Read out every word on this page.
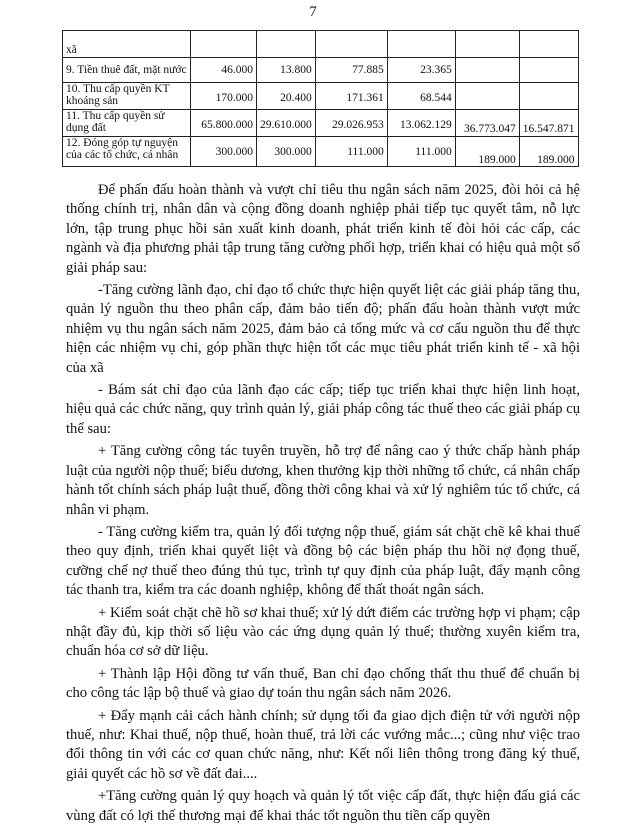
7
xã						
9. Tiền thuê đất, mặt nước	46.000	13.800	77.885	23.365		
10. Thu cấp quyền KT khoáng sản	170.000	20.400	171.361	68.544		
11. Thu cấp quyền sử dụng đất	65.800.000	29.610.000	29.026.953	13.062.129	36.773.047	16.547.871
12. Đóng góp tự nguyện của các tổ chức, cá nhân	300.000	300.000	111.000	111.000	189.000	189.000

Để phấn đấu hoàn thành và vượt chỉ tiêu thu ngân sách năm 2025, đòi hỏi cả hệ thống chính trị, nhân dân và cộng đồng doanh nghiệp phải tiếp tục quyết tâm, nỗ lực lớn, tập trung phục hồi sản xuất kinh doanh, phát triển kinh tế đòi hỏi các cấp, các ngành và địa phương phải tập trung tăng cường phối hợp, triển khai có hiệu quả một số giải pháp sau:

-Tăng cường lãnh đạo, chỉ đạo tổ chức thực hiện quyết liệt các giải pháp tăng thu, quản lý nguồn thu theo phân cấp, đảm bảo tiến độ; phấn đấu hoàn thành vượt mức nhiệm vụ thu ngân sách năm 2025, đảm bảo cả tổng mức và cơ cấu nguồn thu để thực hiện các nhiệm vụ chi, góp phần thực hiện tốt các mục tiêu phát triển kinh tế - xã hội của xã

- Bám sát chỉ đạo của lãnh đạo các cấp; tiếp tục triển khai thực hiện linh hoạt, hiệu quả các chức năng, quy trình quản lý, giải pháp công tác thuế theo các giải pháp cụ thể sau:

+ Tăng cường công tác tuyên truyền, hỗ trợ để nâng cao ý thức chấp hành pháp luật của người nộp thuế; biểu dương, khen thưởng kịp thời những tổ chức, cá nhân chấp hành tốt chính sách pháp luật thuế, đồng thời công khai và xử lý nghiêm túc tổ chức, cá nhân vi phạm.

- Tăng cường kiểm tra, quản lý đối tượng nộp thuế, giám sát chặt chẽ kê khai thuế theo quy định, triển khai quyết liệt và đồng bộ các biện pháp thu hồi nợ đọng thuế, cưỡng chế nợ thuế theo đúng thủ tục, trình tự quy định của pháp luật, đẩy mạnh công tác thanh tra, kiểm tra các doanh nghiệp, không để thất thoát ngân sách.

+ Kiểm soát chặt chẽ hồ sơ khai thuế; xử lý dứt điểm các trường hợp vi phạm; cập nhật đầy đủ, kịp thời số liệu vào các ứng dụng quản lý thuế; thường xuyên kiểm tra, chuẩn hóa cơ sở dữ liệu.

+ Thành lập Hội đồng tư vấn thuế, Ban chỉ đạo chống thất thu thuế để chuẩn bị cho công tác lập bộ thuế và giao dự toán thu ngân sách năm 2026.

+ Đẩy mạnh cải cách hành chính; sử dụng tối đa giao dịch điện tử với người nộp thuế, như: Khai thuế, nộp thuế, hoàn thuế, trả lời các vướng mắc...; cũng như việc trao đổi thông tin với các cơ quan chức năng, như: Kết nối liên thông trong đăng ký thuế, giải quyết các hồ sơ về đất đai....

+Tăng cường quản lý quy hoạch và quản lý tốt việc cấp đất, thực hiện đấu giá các vùng đất có lợi thế thương mại để khai thác tốt nguồn thu tiền cấp quyền
